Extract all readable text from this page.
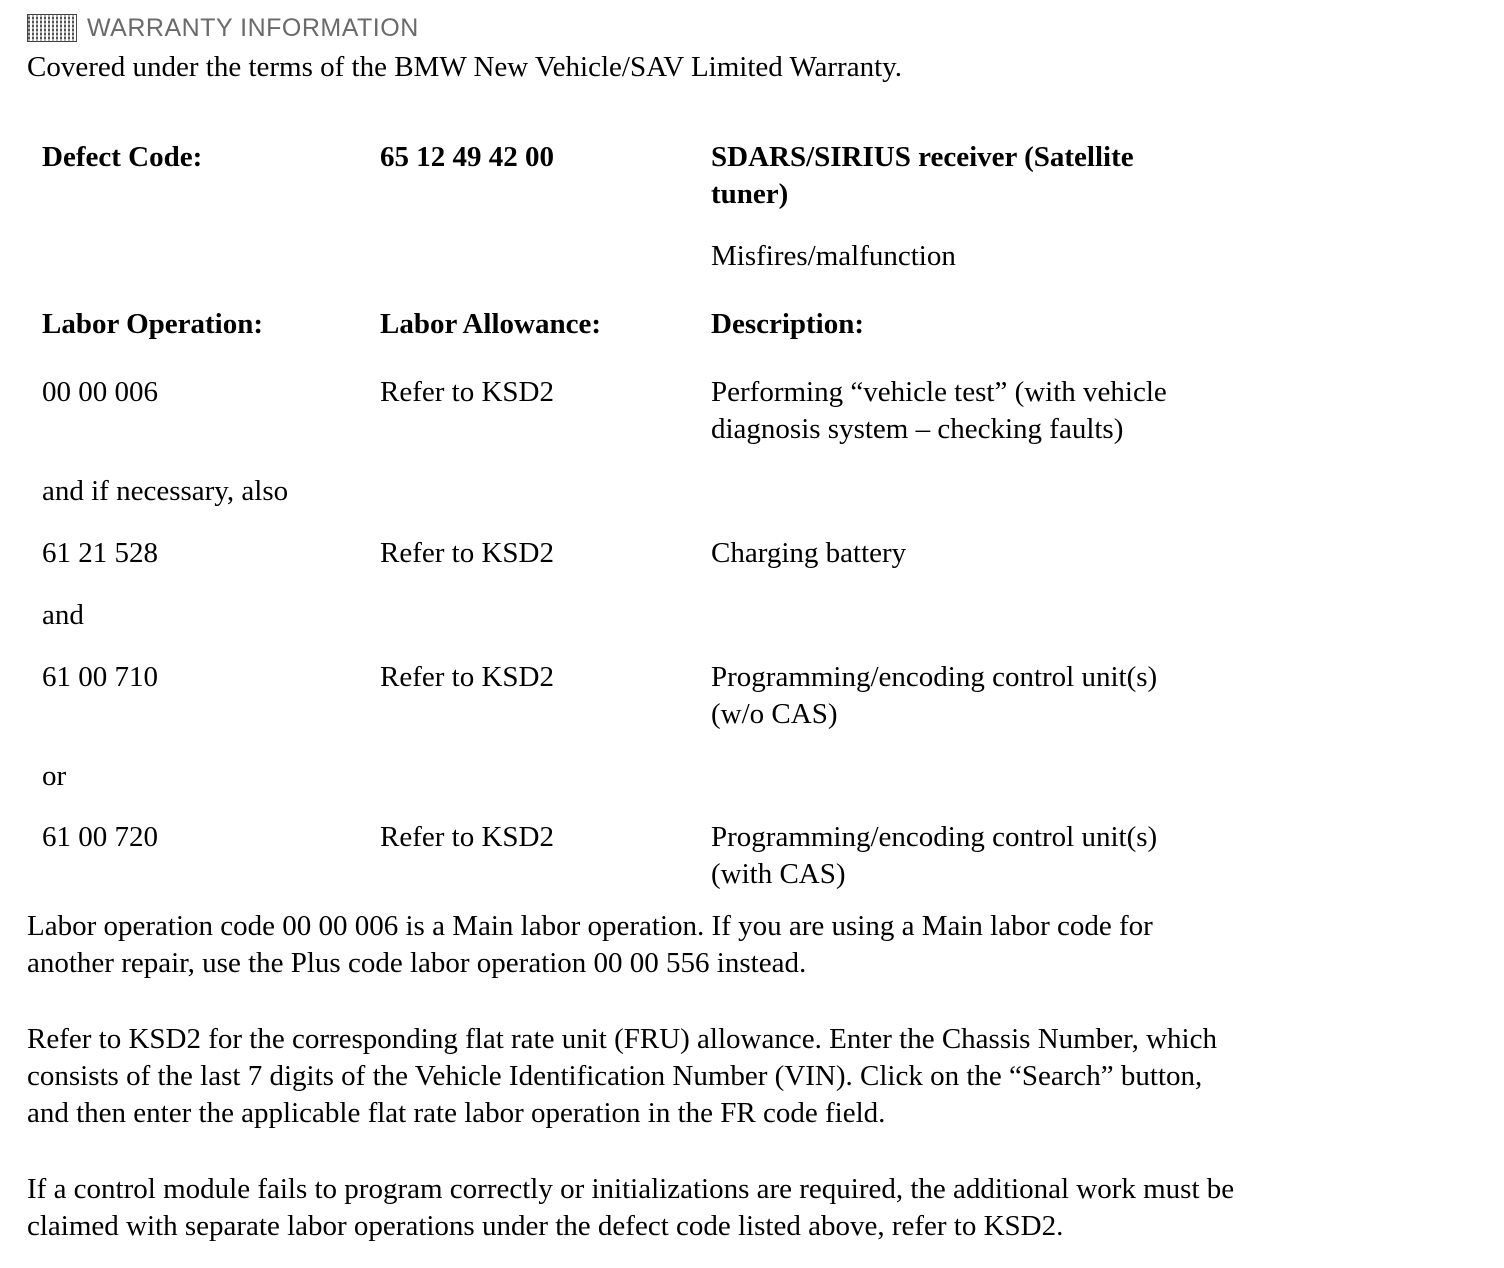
WARRANTY INFORMATION
Covered under the terms of the BMW New Vehicle/SAV Limited Warranty.
Defect Code:	65 12 49 42 00	SDARS/SIRIUS receiver (Satellite
tuner)
Misfires/malfunction
Labor Operation:	Labor Allowance:	Description:
00 00 006	Refer to KSD2	Performing “vehicle test” (with vehicle
diagnosis system – checking faults)
and if necessary, also
61 21 528	Refer to KSD2	Charging battery
and
61 00 710	Refer to KSD2	Programming/encoding control unit(s)
(w/o CAS)
or
61 00 720	Refer to KSD2	Programming/encoding control unit(s)
(with CAS)
Labor operation code 00 00 006 is a Main labor operation. If you are using a Main labor code for
another repair, use the Plus code labor operation 00 00 556 instead.
Refer to KSD2 for the corresponding flat rate unit (FRU) allowance. Enter the Chassis Number, which
consists of the last 7 digits of the Vehicle Identification Number (VIN). Click on the “Search” button,
and then enter the applicable flat rate labor operation in the FR code field.
If a control module fails to program correctly or initializations are required, the additional work must be
claimed with separate labor operations under the defect code listed above, refer to KSD2.
